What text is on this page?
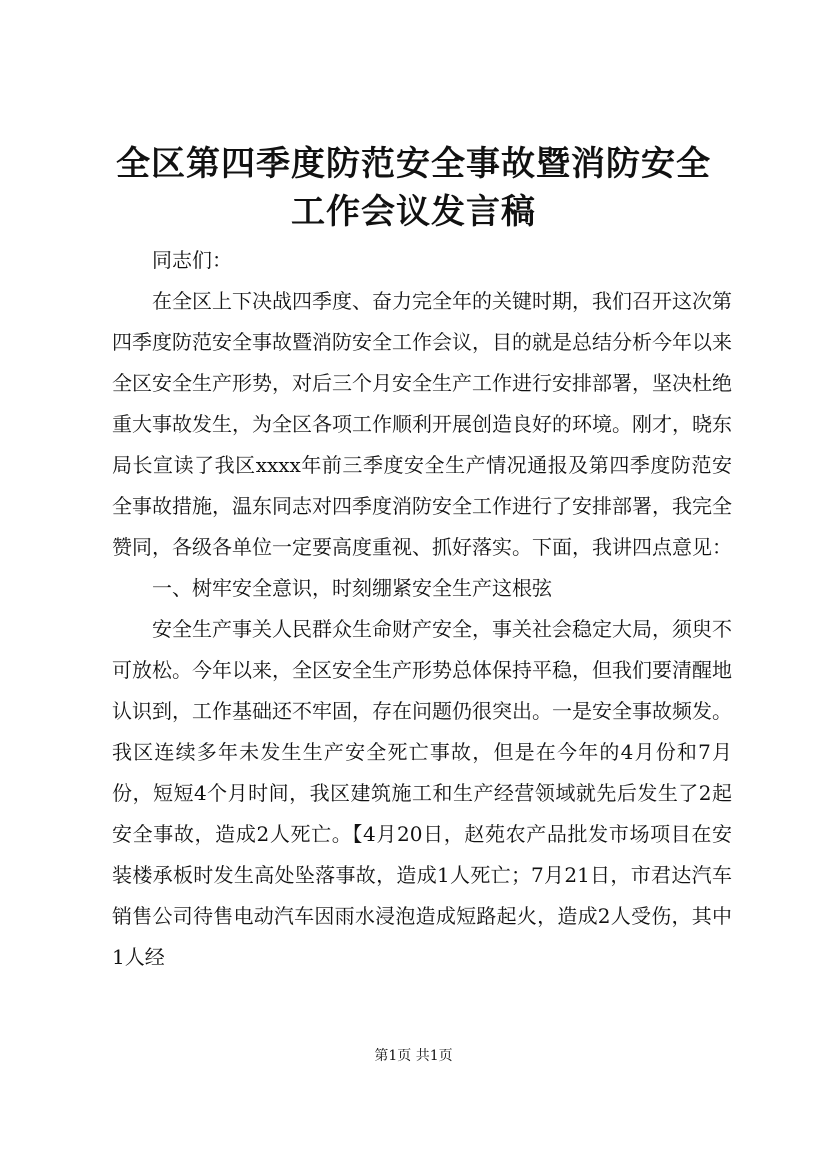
全区第四季度防范安全事故暨消防安全工作会议发言稿

同志们：

在全区上下决战四季度、奋力完全年的关键时期，我们召开这次第四季度防范安全事故暨消防安全工作会议，目的就是总结分析今年以来全区安全生产形势，对后三个月安全生产工作进行安排部署，坚决杜绝重大事故发生，为全区各项工作顺利开展创造良好的环境。刚才，晓东局长宣读了我区xxxx年前三季度安全生产情况通报及第四季度防范安全事故措施，温东同志对四季度消防安全工作进行了安排部署，我完全赞同，各级各单位一定要高度重视、抓好落实。下面，我讲四点意见：

一、树牢安全意识，时刻绷紧安全生产这根弦

安全生产事关人民群众生命财产安全，事关社会稳定大局，须臾不可放松。今年以来，全区安全生产形势总体保持平稳，但我们要清醒地认识到，工作基础还不牢固，存在问题仍很突出。一是安全事故频发。我区连续多年未发生生产安全死亡事故，但是在今年的4月份和7月份，短短4个月时间，我区建筑施工和生产经营领域就先后发生了2起安全事故，造成2人死亡。【4月20日，赵苑农产品批发市场项目在安装楼承板时发生高处坠落事故，造成1人死亡；7月21日，市君达汽车销售公司待售电动汽车因雨水浸泡造成短路起火，造成2人受伤，其中1人经

第1页 共1页
